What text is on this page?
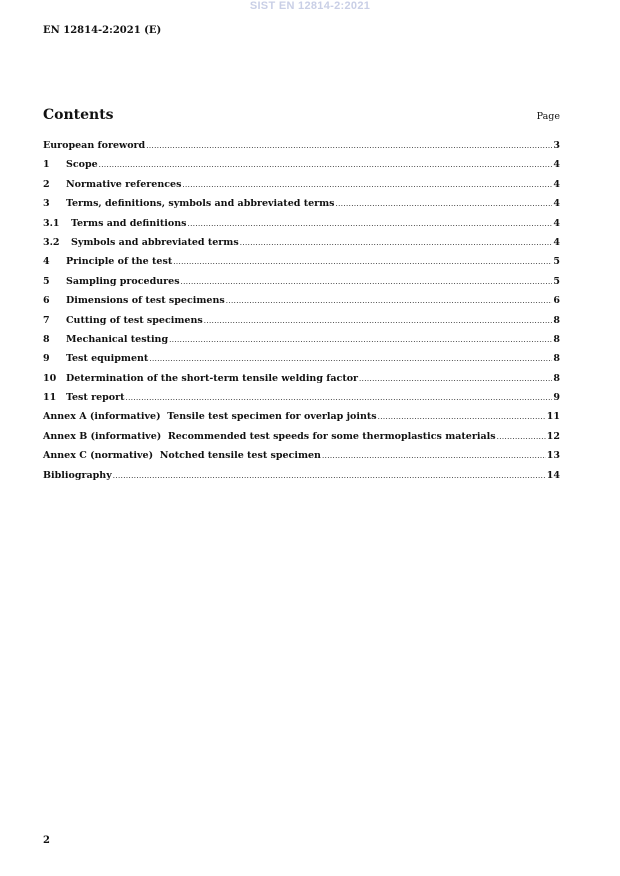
SIST EN 12814-2:2021
EN 12814-2:2021 (E)
Contents	Page
European foreword .....	3
1	Scope .....	4
2	Normative references .....	4
3	Terms, definitions, symbols and abbreviated terms .....	4
3.1	Terms and definitions .....	4
3.2	Symbols and abbreviated terms .....	4
4	Principle of the test .....	5
5	Sampling procedures .....	5
6	Dimensions of test specimens .....	6
7	Cutting of test specimens .....	8
8	Mechanical testing .....	8
9	Test equipment .....	8
10	Determination of the short-term tensile welding factor .....	8
11	Test report .....	9
Annex A (informative)  Tensile test specimen for overlap joints .....	11
Annex B (informative)  Recommended test speeds for some thermoplastics materials .....	12
Annex C (normative)  Notched tensile test specimen .....	13
Bibliography .....	14
2
